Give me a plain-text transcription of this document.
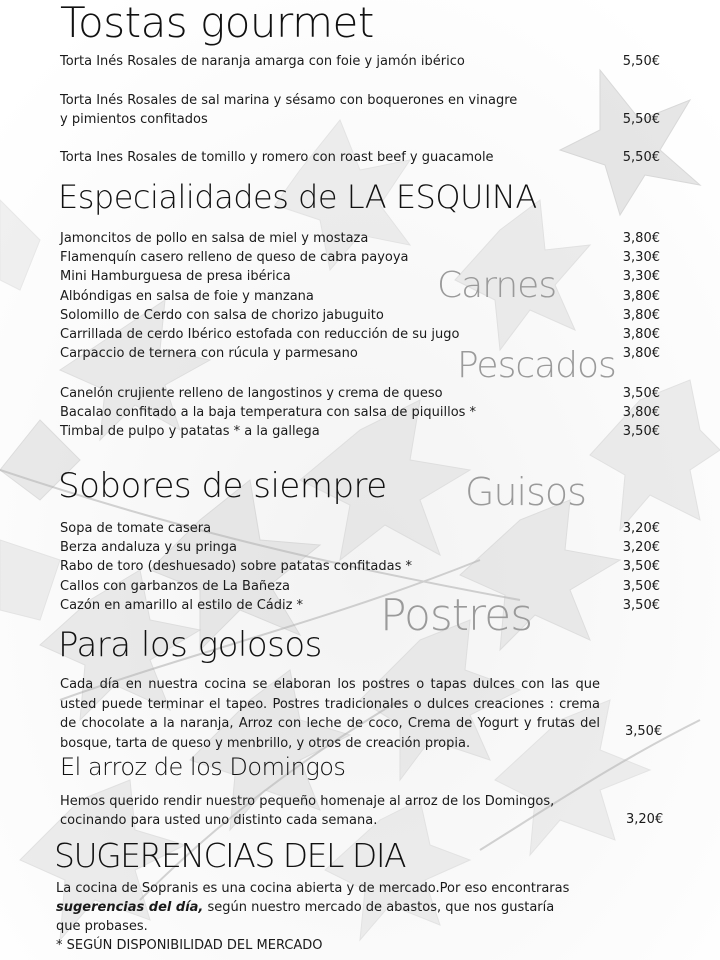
Tostas gourmet
Torta Inés Rosales de naranja amarga con foie y jamón ibérico	5,50€
Torta Inés Rosales de sal marina y sésamo con boquerones en vinagre
y pimientos confitados	5,50€
Torta Ines Rosales de tomillo y romero con roast beef y guacamole	5,50€
Especialidades de LA ESQUINA
Carnes
Pescados
Jamoncitos de pollo en salsa de miel y mostaza	3,80€
Flamenquín casero relleno de queso de cabra payoya	3,30€
Mini Hamburguesa de presa ibérica	3,30€
Albóndigas en salsa de foie y manzana	3,80€
Solomillo de Cerdo con salsa de chorizo jabuguito	3,80€
Carrillada de cerdo Ibérico estofada con reducción de su jugo	3,80€
Carpaccio de ternera con rúcula y parmesano	3,80€
Canelón crujiente relleno de langostinos y crema de queso	3,50€
Bacalao confitado a la baja temperatura con salsa de piquillos *	3,80€
Timbal de pulpo y patatas * a la gallega	3,50€
Sobores de siempre Guisos
Sopa de tomate casera	3,20€
Berza andaluza y su pringa	3,20€
Rabo de toro (deshuesado) sobre patatas confitadas *	3,50€
Callos con garbanzos de La Bañeza	3,50€
Cazón en amarillo al estilo de Cádiz *	3,50€
Postres
Para los golosos

Cada día en nuestra cocina se elaboran los postres o tapas dulces con las que usted puede terminar el tapeo. Postres tradicionales o dulces creaciones : crema de chocolate a la naranja, Arroz con leche de coco, Crema de Yogurt y frutas del bosque, tarta de queso y menbrillo, y otros de creación propia.

3,50€
El arroz de los Domingos
Hemos querido rendir nuestro pequeño homenaje al arroz de los Domingos,
cocinando para usted uno distinto cada semana.	3,20€
SUGERENCIAS DEL DIA
La cocina de Sopranis es una cocina abierta y de mercado.Por eso encontraras
sugerencias del día, según nuestro mercado de abastos, que nos gustaría
que probases.
* SEGÚN DISPONIBILIDAD DEL MERCADO
